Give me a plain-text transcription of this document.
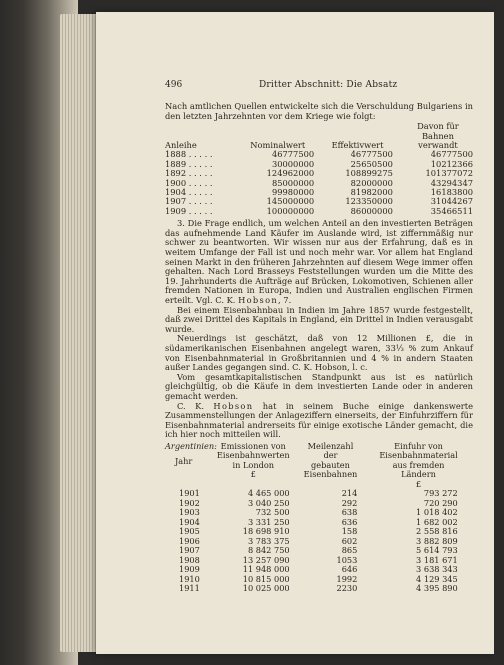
496	Dritter Abschnitt: Die Absatz

Nach amtlichen Quellen entwickelte sich die Verschuldung Bulgariens in den letzten Jahrzehnten vor dem Kriege wie folgt:

Anleihe	Nominalwert	Effektivwert	Davon für Bahnen verwandt
1888 . . . . .	46777500	46777500	46777500
1889 . . . . .	30000000	25650500	10212366
1892 . . . . .	124962000	108899275	101377072
1900 . . . . .	85000000	82000000	43294347
1904 . . . . .	99980000	81982000	16183800
1907 . . . . .	145000000	123350000	31044267
1909 . . . . .	100000000	86000000	35466511

3. Die Frage endlich, um welchen Anteil an den investierten Beträgen das aufnehmende Land Käufer im Auslande wird, ist ziffernmäßig nur schwer zu beantworten. Wir wissen nur aus der Erfahrung, daß es in weitem Umfange der Fall ist und noch mehr war. Vor allem hat England seinen Markt in den früheren Jahrzehnten auf diesem Wege immer offen gehalten. Nach Lord Brasseys Feststellungen wurden um die Mitte des 19. Jahrhunderts die Aufträge auf Brücken, Lokomotiven, Schienen aller fremden Nationen in Europa, Indien und Australien englischen Firmen erteilt. Vgl. C. K. Hobson, 7.

Bei einem Eisenbahnbau in Indien im Jahre 1857 wurde festgestellt, daß zwei Drittel des Kapitals in England, ein Drittel in Indien verausgabt wurde.

Neuerdings ist geschätzt, daß von 12 Millionen £, die in südamerikanischen Eisenbahnen angelegt waren, 33⅓ % zum Ankauf von Eisenbahnmaterial in Großbritannien und 4 % in andern Staaten außer Landes gegangen sind. C. K. Hobson, l. c.

Vom gesamtkapitalistischen Standpunkt aus ist es natürlich gleichgültig, ob die Käufe in dem investierten Lande oder in anderen gemacht werden.

C. K. Hobson hat in seinem Buche einige dankenswerte Zusammenstellungen der Anlageziffern einerseits, der Einfuhrziffern für Eisenbahnmaterial andrerseits für einige exotische Länder gemacht, die ich hier noch mitteilen will.

Argentinien:
Jahr	Emissionen von Eisenbahnwerten in London
£	Meilenzahl der gebauten Eisenbahnen	Einfuhr von Eisenbahnmaterial aus fremden Ländern
£
1901	4 465 000	214	793 272
1902	3 040 250	292	720 290
1903	732 500	638	1 018 402
1904	3 331 250	636	1 682 002
1905	18 698 910	158	2 558 816
1906	3 783 375	602	3 882 809
1907	8 842 750	865	5 614 793
1908	13 257 090	1053	3 181 671
1909	11 948 000	646	3 638 343
1910	10 815 000	1992	4 129 345
1911	10 025 000	2230	4 395 890
